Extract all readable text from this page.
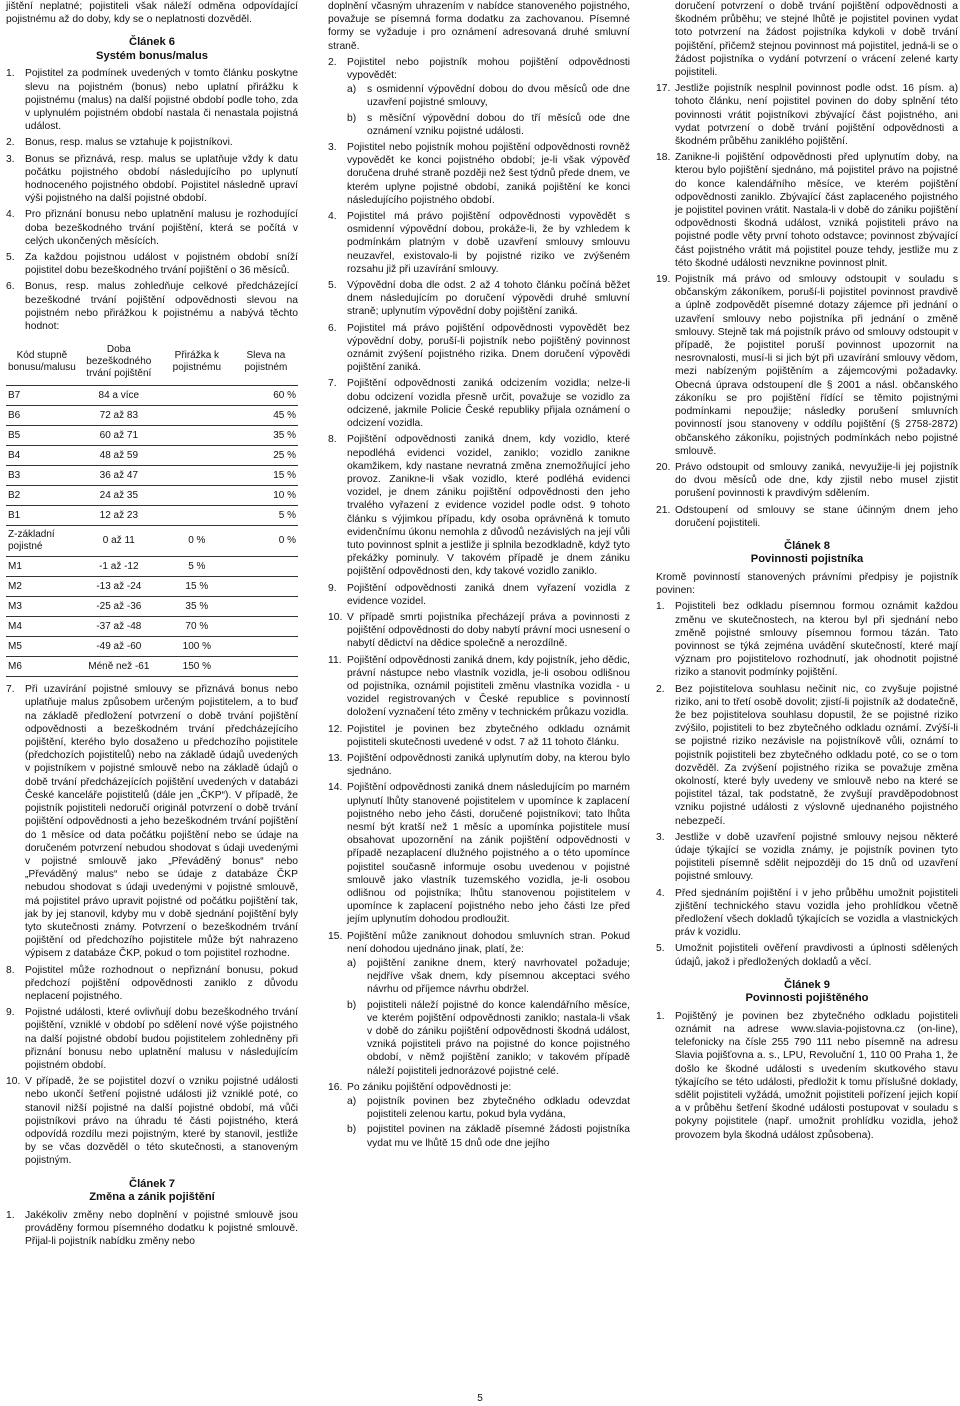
jištění neplatné; pojistiteli však náleží odměna odpovídající pojistnému až do doby, kdy se o neplatnosti dozvěděl.

Článek 6
Systém bonus/malus
1. Pojistitel za podmínek uvedených v tomto článku poskytne slevu na pojistném (bonus) nebo uplatní přirážku k pojistnému (malus) na další pojistné období podle toho, zda v uplynulém pojistném období nastala či nenastala pojistná událost.
2. Bonus, resp. malus se vztahuje k pojistníkovi.
3. Bonus se přiznává, resp. malus se uplatňuje vždy k datu počátku pojistného období následujícího po uplynutí hodnoceného pojistného období. Pojistitel následně upraví výši pojistného na další pojistné období.
4. Pro přiznání bonusu nebo uplatnění malusu je rozhodující doba bezeškodného trvání pojištění, která se počítá v celých ukončených měsících.
5. Za každou pojistnou událost v pojistném období sníží pojistitel dobu bezeškodného trvání pojištění o 36 měsíců.
6. Bonus, resp. malus zohledňuje celkové předcházející bezeškodné trvání pojištění odpovědnosti slevou na pojistném nebo přirážkou k pojistnému a nabývá těchto hodnot:
Kód stupně bonusu/malusu	Doba bezeškodného trvání pojištění	Přirážka k pojistnému	Sleva na pojistném
B7	84 a více		60 %
B6	72 až 83		45 %
B5	60 až 71		35 %
B4	48 až 59		25 %
B3	36 až 47		15 %
B2	24 až 35		10 %
B1	12 až 23		5 %
Z-základní pojistné	0 až 11	0 %	0 %
M1	-1 až -12	5 %	
M2	-13 až -24	15 %	
M3	-25 až -36	35 %	
M4	-37 až -48	70 %	
M5	-49 až -60	100 %	
M6	Méně než -61	150 %	
7. Při uzavírání pojistné smlouvy se přiznává bonus nebo uplatňuje malus způsobem určeným pojistitelem, a to buď na základě předložení potvrzení o době trvání pojištění odpovědnosti a bezeškodném trvání předcházejícího pojištění, kterého bylo dosaženo u předchozího pojistitele (předchozích pojistitelů) nebo na základě údajů uvedených v pojistníkem v pojistné smlouvě nebo na základě údajů o době trvání předcházejících pojištění uvedených v databázi České kanceláře pojistitelů (dále jen „ČKP“). V případě, že pojistník pojistiteli nedoručí originál potvrzení o době trvání pojištění odpovědnosti a jeho bezeškodném trvání pojištění do 1 měsíce od data počátku pojištění nebo se údaje na doručeném potvrzení nebudou shodovat s údaji uvedenými v pojistné smlouvě jako „Převáděný bonus“ nebo „Převáděný malus“ nebo se údaje z databáze ČKP nebudou shodovat s údaji uvedenými v pojistné smlouvě, má pojistitel právo upravit pojistné od počátku pojištění tak, jak by jej stanovil, kdyby mu v době sjednání pojištění byly tyto skutečnosti známy. Potvrzení o bezeškodném trvání pojištění od předchozího pojistitele může být nahrazeno výpisem z databáze ČKP, pokud o tom pojistitel rozhodne.
8. Pojistitel může rozhodnout o nepřiznání bonusu, pokud předchozí pojištění odpovědnosti zaniklo z důvodu neplacení pojistného.
9. Pojistné události, které ovlivňují dobu bezeškodného trvání pojištění, vzniklé v období po sdělení nové výše pojistného na další pojistné období budou pojistitelem zohledněny při přiznání bonusu nebo uplatnění malusu v následujícím pojistném období.
10. V případě, že se pojistitel dozví o vzniku pojistné události nebo ukončí šetření pojistné události již vzniklé poté, co stanovil nižší pojistné na další pojistné období, má vůči pojistníkovi právo na úhradu té části pojistného, která odpovídá rozdílu mezi pojistným, které by stanovil, jestliže by se včas dozvěděl o této skutečnosti, a stanoveným pojistným.
Článek 7
Změna a zánik pojištění
1. Jakékoliv změny nebo doplnění v pojistné smlouvě jsou prováděny formou písemného dodatku k pojistné smlouvě. Přijal-li pojistník nabídku změny nebo

doplnění včasným uhrazením v nabídce stanoveného pojistného, považuje se písemná forma dodatku za zachovanou. Písemné formy se vyžaduje i pro oznámení adresovaná druhé smluvní straně.

2. Pojistitel nebo pojistník mohou pojištění odpovědnosti vypovědět:
a) s osmidenní výpovědní dobou do dvou měsíců ode dne uzavření pojistné smlouvy,
b) s měsíční výpovědní dobou do tří měsíců ode dne oznámení vzniku pojistné události.
3. Pojistitel nebo pojistník mohou pojištění odpovědnosti rovněž vypovědět ke konci pojistného období; je-li však výpověď doručena druhé straně později než šest týdnů přede dnem, ve kterém uplyne pojistné období, zaniká pojištění ke konci následujícího pojistného období.
4. Pojistitel má právo pojištění odpovědnosti vypovědět s osmidenní výpovědní dobou, prokáže-li, že by vzhledem k podmínkám platným v době uzavření smlouvy smlouvu neuzavřel, existovalo-li by pojistné riziko ve zvýšeném rozsahu již při uzavírání smlouvy.
5. Výpovědní doba dle odst. 2 až 4 tohoto článku počíná běžet dnem následujícím po doručení výpovědi druhé smluvní straně; uplynutím výpovědní doby pojištění zaniká.
6. Pojistitel má právo pojištění odpovědnosti vypovědět bez výpovědní doby, poruší-li pojistník nebo pojištěný povinnost oznámit zvýšení pojistného rizika. Dnem doručení výpovědi pojištění zaniká.
7. Pojištění odpovědnosti zaniká odcizením vozidla; nelze-li dobu odcizení vozidla přesně určit, považuje se vozidlo za odcizené, jakmile Policie České republiky přijala oznámení o odcizení vozidla.
8. Pojištění odpovědnosti zaniká dnem, kdy vozidlo, které nepodléhá evidenci vozidel, zaniklo; vozidlo zanikne okamžikem, kdy nastane nevratná změna znemožňující jeho provoz. Zanikne-li však vozidlo, které podléhá evidenci vozidel, je dnem zániku pojištění odpovědnosti den jeho trvalého vyřazení z evidence vozidel podle odst. 9 tohoto článku s výjimkou případu, kdy osoba oprávněná k tomuto evidenčnímu úkonu nemohla z důvodů nezávislých na její vůli tuto povinnost splnit a jestliže ji splnila bezodkladně, když tyto překážky pominuly. V takovém případě je dnem zániku pojištění odpovědnosti den, kdy takové vozidlo zaniklo.
9. Pojištění odpovědnosti zaniká dnem vyřazení vozidla z evidence vozidel.
10. V případě smrti pojistníka přecházejí práva a povinnosti z pojištění odpovědnosti do doby nabytí právní moci usnesení o nabytí dědictví na dědice společně a nerozdílně.
11. Pojištění odpovědnosti zaniká dnem, kdy pojistník, jeho dědic, právní nástupce nebo vlastník vozidla, je-li osobou odlišnou od pojistníka, oznámil pojistiteli změnu vlastníka vozidla - u vozidel registrovaných v České republice s povinností doložení vyznačení této změny v technickém průkazu vozidla.
12. Pojistitel je povinen bez zbytečného odkladu oznámit pojistiteli skutečnosti uvedené v odst. 7 až 11 tohoto článku.
13. Pojištění odpovědnosti zaniká uplynutím doby, na kterou bylo sjednáno.
14. Pojištění odpovědnosti zaniká dnem následujícím po marném uplynutí lhůty stanovené pojistitelem v upomínce k zaplacení pojistného nebo jeho části, doručené pojistníkovi; tato lhůta nesmí být kratší než 1 měsíc a upomínka pojistitele musí obsahovat upozornění na zánik pojištění odpovědnosti v případě nezaplacení dlužného pojistného a o této upomínce pojistitel současně informuje osobu uvedenou v pojistné smlouvě jako vlastník tuzemského vozidla, je-li osobou odlišnou od pojistníka; lhůtu stanovenou pojistitelem v upomínce k zaplacení pojistného nebo jeho části lze před jejím uplynutím dohodou prodloužit.
15. Pojištění může zaniknout dohodou smluvních stran. Pokud není dohodou ujednáno jinak, platí, že:
a) pojištění zanikne dnem, který navrhovatel požaduje; nejdříve však dnem, kdy písemnou akceptaci svého návrhu od příjemce návrhu obdržel.
b) pojistiteli náleží pojistné do konce kalendářního měsíce, ve kterém pojištění odpovědnosti zaniklo; nastala-li však v době do zániku pojištění odpovědnosti škodná událost, vzniká pojistiteli právo na pojistné do konce pojistného období, v němž pojištění zaniklo; v takovém případě náleží pojistiteli jednorázové pojistné celé.
16. Po zániku pojištění odpovědnosti je:
a) pojistník povinen bez zbytečného odkladu odevzdat pojistiteli zelenou kartu, pokud byla vydána,
b) pojistitel povinen na základě písemné žádosti pojistníka vydat mu ve lhůtě 15 dnů ode dne jejího

doručení potvrzení o době trvání pojištění odpovědnosti a škodném průběhu; ve stejné lhůtě je pojistitel povinen vydat toto potvrzení na žádost pojistníka kdykoli v době trvání pojištění, přičemž stejnou povinnost má pojistitel, jedná-li se o žádost pojistníka o vydání potvrzení o vrácení zelené karty pojistiteli.

17. Jestliže pojistník nesplnil povinnost podle odst. 16 písm. a) tohoto článku, není pojistitel povinen do doby splnění této povinnosti vrátit pojistníkovi zbývající část pojistného, ani vydat potvrzení o době trvání pojištění odpovědnosti a škodném průběhu zaniklého pojištění.
18. Zanikne-li pojištění odpovědnosti před uplynutím doby, na kterou bylo pojištění sjednáno, má pojistitel právo na pojistné do konce kalendářního měsíce, ve kterém pojištění odpovědnosti zaniklo. Zbývající část zaplaceného pojistného je pojistitel povinen vrátit. Nastala-li v době do zániku pojištění odpovědnosti škodná událost, vzniká pojistiteli právo na pojistné podle věty první tohoto odstavce; povinnost zbývající část pojistného vrátit má pojistitel pouze tehdy, jestliže mu z této škodné události nevznikne povinnost plnit.
19. Pojistník má právo od smlouvy odstoupit v souladu s občanským zákoníkem, poruší-li pojistitel povinnost pravdivě a úplně zodpovědět písemné dotazy zájemce při jednání o uzavření smlouvy nebo pojistníka při jednání o změně smlouvy. Stejně tak má pojistník právo od smlouvy odstoupit v případě, že pojistitel poruší povinnost upozornit na nesrovnalosti, musí-li si jich být při uzavírání smlouvy vědom, mezi nabízeným pojištěním a zájemcovými požadavky. Obecná úprava odstoupení dle § 2001 a násl. občanského zákoníku se pro pojištění řídící se těmito pojistnými podmínkami nepoužije; následky porušení smluvních povinností jsou stanoveny v oddílu pojištění (§ 2758-2872) občanského zákoníku, pojistných podmínkách nebo pojistné smlouvě.
20. Právo odstoupit od smlouvy zaniká, nevyužije-li jej pojistník do dvou měsíců ode dne, kdy zjistil nebo musel zjistit porušení povinnosti k pravdivým sdělením.
21. Odstoupení od smlouvy se stane účinným dnem jeho doručení pojistiteli.
Článek 8
Povinnosti pojistníka

Kromě povinností stanovených právními předpisy je pojistník povinen:

1. Pojistiteli bez odkladu písemnou formou oznámit každou změnu ve skutečnostech, na kterou byl při sjednání nebo změně pojistné smlouvy písemnou formou tázán. Tato povinnost se týká zejména uvádění skutečností, které mají význam pro pojistitelovo rozhodnutí, jak ohodnotit pojistné riziko a stanovit podmínky pojištění.
2. Bez pojistitelova souhlasu nečinit nic, co zvyšuje pojistné riziko, ani to třetí osobě dovolit; zjistí-li pojistník až dodatečně, že bez pojistitelova souhlasu dopustil, že se pojistné riziko zvýšilo, pojistiteli to bez zbytečného odkladu oznámí. Zvýší-li se pojistné riziko nezávisle na pojistníkově vůli, oznámí to pojistník pojistiteli bez zbytečného odkladu poté, co se o tom dozvěděl. Za zvýšení pojistného rizika se považuje změna okolností, které byly uvedeny ve smlouvě nebo na které se pojistitel tázal, tak podstatně, že zvyšují pravděpodobnost vzniku pojistné události z výslovně ujednaného pojistného nebezpečí.
3. Jestliže v době uzavření pojistné smlouvy nejsou některé údaje týkající se vozidla známy, je pojistník povinen tyto pojistiteli písemně sdělit nejpozději do 15 dnů od uzavření pojistné smlouvy.
4. Před sjednáním pojištění i v jeho průběhu umožnit pojistiteli zjištění technického stavu vozidla jeho prohlídkou včetně předložení všech dokladů týkajících se vozidla a vlastnických práv k vozidlu.
5. Umožnit pojistiteli ověření pravdivosti a úplnosti sdělených údajů, jakož i předložených dokladů a věcí.
Článek 9
Povinnosti pojištěného
1. Pojištěný je povinen bez zbytečného odkladu pojistiteli oznámit na adrese www.slavia-pojistovna.cz (on-line), telefonicky na čísle 255 790 111 nebo písemně na adresu Slavia pojišťovna a. s., LPU, Revoluční 1, 110 00 Praha 1, že došlo ke škodné události s uvedením skutkového stavu týkajícího se této události, předložit k tomu příslušné doklady, sdělit pojistiteli vyžádá, umožnit pojistiteli pořízení jejich kopií a v průběhu šetření škodné události postupovat v souladu s pokyny pojistitele (např. umožnit prohlídku vozidla, jehož provozem byla škodná událost způsobena).
5
